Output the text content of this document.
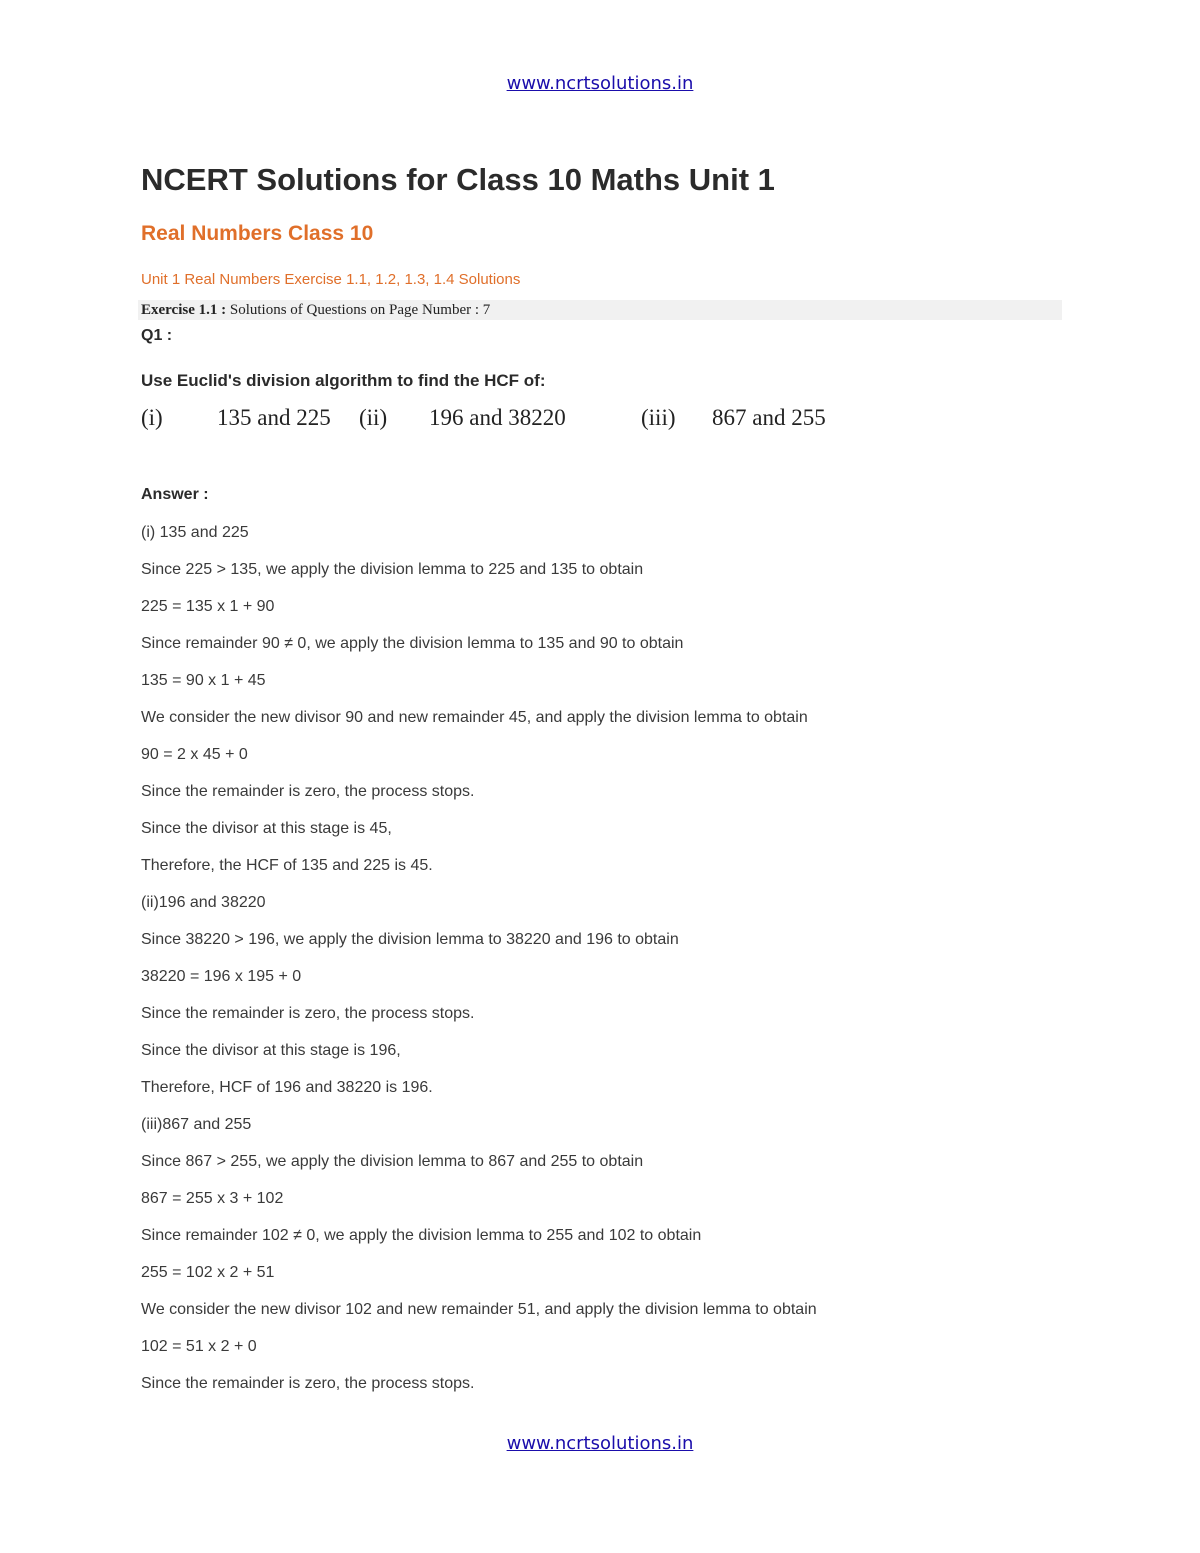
www.ncrtsolutions.in
NCERT Solutions for Class 10 Maths Unit 1
Real Numbers Class 10
Unit 1 Real Numbers Exercise 1.1, 1.2, 1.3, 1.4 Solutions
Exercise 1.1 : Solutions of Questions on Page Number : 7
Q1 :
Use Euclid's division algorithm to find the HCF of:
(i) 135 and 225 (ii) 196 and 38220	(iii) 867 and 255
Answer :
(i) 135 and 225
Since 225 > 135, we apply the division lemma to 225 and 135 to obtain
225 = 135 x 1 + 90
Since remainder 90 ≠ 0, we apply the division lemma to 135 and 90 to obtain
135 = 90 x 1 + 45
We consider the new divisor 90 and new remainder 45, and apply the division lemma to obtain
90 = 2 x 45 + 0
Since the remainder is zero, the process stops.
Since the divisor at this stage is 45,
Therefore, the HCF of 135 and 225 is 45.
(ii)196 and 38220
Since 38220 > 196, we apply the division lemma to 38220 and 196 to obtain
38220 = 196 x 195 + 0
Since the remainder is zero, the process stops.
Since the divisor at this stage is 196,
Therefore, HCF of 196 and 38220 is 196.
(iii)867 and 255
Since 867 > 255, we apply the division lemma to 867 and 255 to obtain
867 = 255 x 3 + 102
Since remainder 102 ≠ 0, we apply the division lemma to 255 and 102 to obtain
255 = 102 x 2 + 51
We consider the new divisor 102 and new remainder 51, and apply the division lemma to obtain
102 = 51 x 2 + 0
Since the remainder is zero, the process stops.
www.ncrtsolutions.in
